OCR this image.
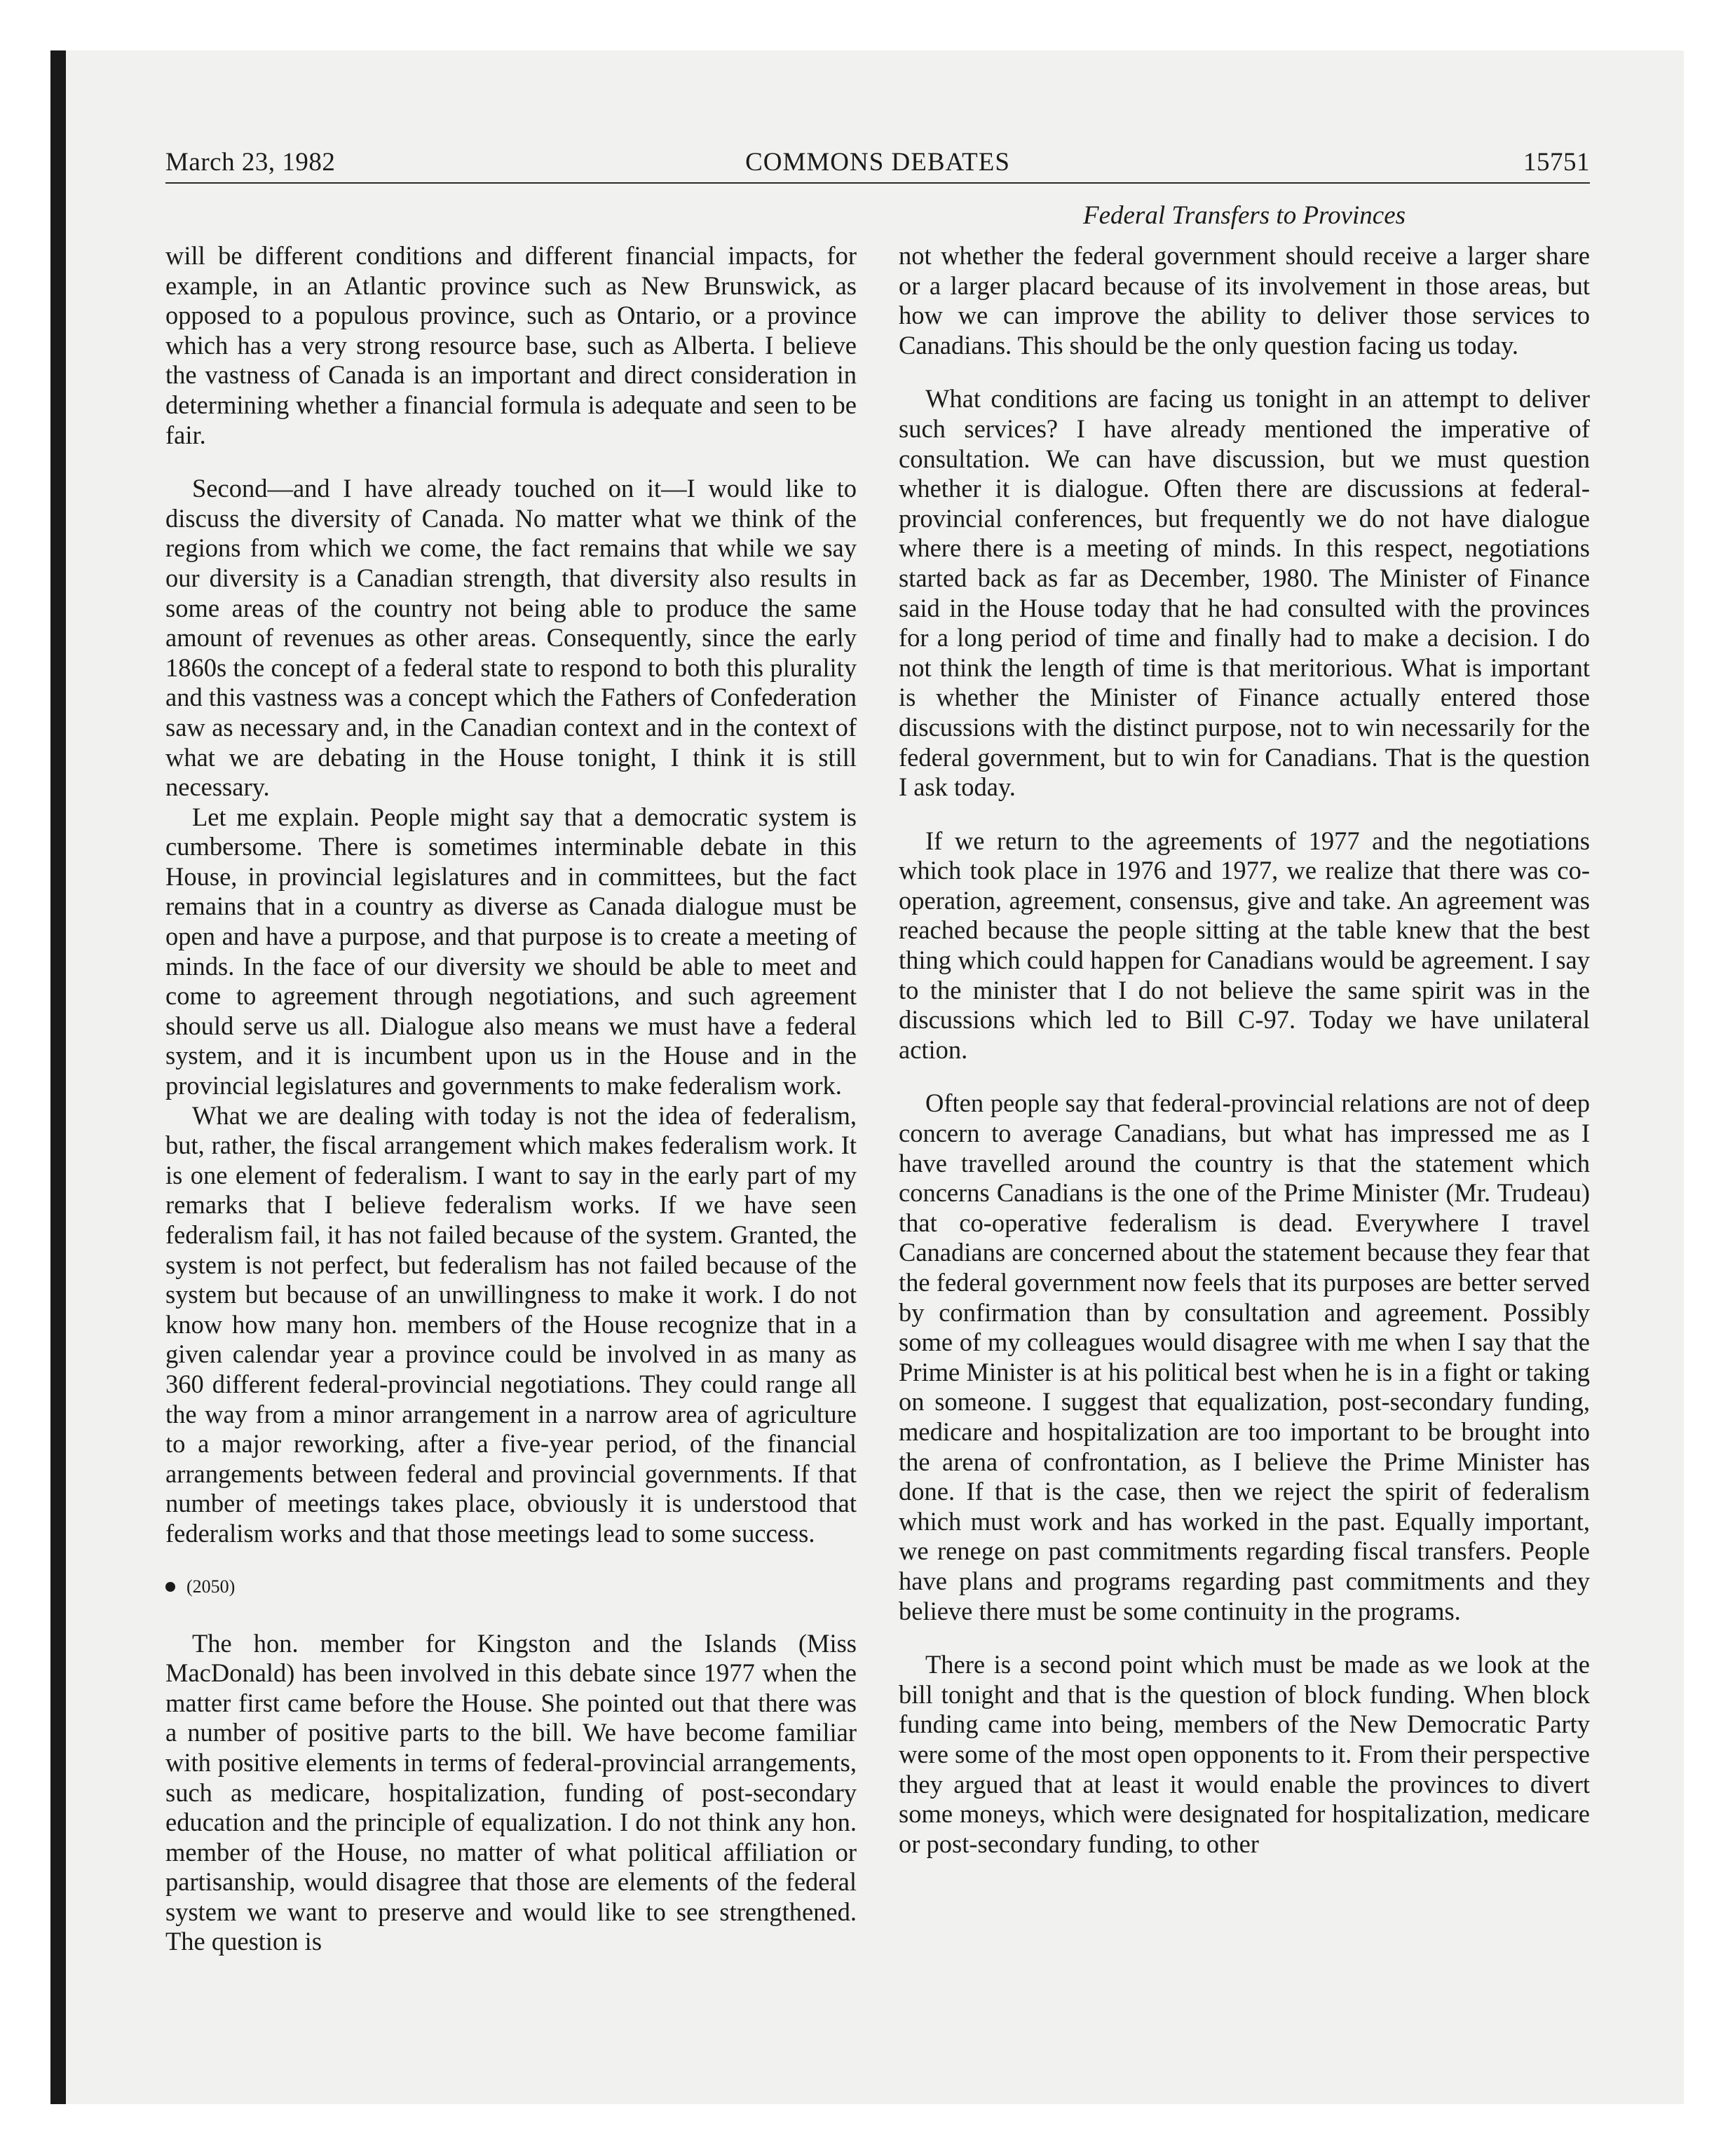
March 23, 1982	COMMONS DEBATES	15751
Federal Transfers to Provinces

will be different conditions and different financial impacts, for example, in an Atlantic province such as New Brunswick, as opposed to a populous province, such as Ontario, or a province which has a very strong resource base, such as Alberta. I believe the vastness of Canada is an important and direct consideration in determining whether a financial formula is adequate and seen to be fair.

Second—and I have already touched on it—I would like to discuss the diversity of Canada. No matter what we think of the regions from which we come, the fact remains that while we say our diversity is a Canadian strength, that diversity also results in some areas of the country not being able to produce the same amount of revenues as other areas. Consequently, since the early 1860s the concept of a federal state to respond to both this plurality and this vastness was a concept which the Fathers of Confederation saw as necessary and, in the Canadian context and in the context of what we are debating in the House tonight, I think it is still necessary.

Let me explain. People might say that a democratic system is cumbersome. There is sometimes interminable debate in this House, in provincial legislatures and in committees, but the fact remains that in a country as diverse as Canada dialogue must be open and have a purpose, and that purpose is to create a meeting of minds. In the face of our diversity we should be able to meet and come to agreement through negotiations, and such agreement should serve us all. Dialogue also means we must have a federal system, and it is incumbent upon us in the House and in the provincial legislatures and governments to make federalism work.

What we are dealing with today is not the idea of federalism, but, rather, the fiscal arrangement which makes federalism work. It is one element of federalism. I want to say in the early part of my remarks that I believe federalism works. If we have seen federalism fail, it has not failed because of the system. Granted, the system is not perfect, but federalism has not failed because of the system but because of an unwillingness to make it work. I do not know how many hon. members of the House recognize that in a given calendar year a province could be involved in as many as 360 different federal-provincial negotiations. They could range all the way from a minor arrangement in a narrow area of agriculture to a major reworking, after a five-year period, of the financial arrangements between federal and provincial governments. If that number of meetings takes place, obviously it is understood that federalism works and that those meetings lead to some success.

(2050)

The hon. member for Kingston and the Islands (Miss MacDonald) has been involved in this debate since 1977 when the matter first came before the House. She pointed out that there was a number of positive parts to the bill. We have become familiar with positive elements in terms of federal-provincial arrangements, such as medicare, hospitalization, funding of post-secondary education and the principle of equalization. I do not think any hon. member of the House, no matter of what political affiliation or partisanship, would disagree that those are elements of the federal system we want to preserve and would like to see strengthened. The question is

not whether the federal government should receive a larger share or a larger placard because of its involvement in those areas, but how we can improve the ability to deliver those services to Canadians. This should be the only question facing us today.

What conditions are facing us tonight in an attempt to deliver such services? I have already mentioned the imperative of consultation. We can have discussion, but we must question whether it is dialogue. Often there are discussions at federal-provincial conferences, but frequently we do not have dialogue where there is a meeting of minds. In this respect, negotiations started back as far as December, 1980. The Minister of Finance said in the House today that he had consulted with the provinces for a long period of time and finally had to make a decision. I do not think the length of time is that meritorious. What is important is whether the Minister of Finance actually entered those discussions with the distinct purpose, not to win necessarily for the federal government, but to win for Canadians. That is the question I ask today.

If we return to the agreements of 1977 and the negotiations which took place in 1976 and 1977, we realize that there was co-operation, agreement, consensus, give and take. An agreement was reached because the people sitting at the table knew that the best thing which could happen for Canadians would be agreement. I say to the minister that I do not believe the same spirit was in the discussions which led to Bill C-97. Today we have unilateral action.

Often people say that federal-provincial relations are not of deep concern to average Canadians, but what has impressed me as I have travelled around the country is that the statement which concerns Canadians is the one of the Prime Minister (Mr. Trudeau) that co-operative federalism is dead. Everywhere I travel Canadians are concerned about the statement because they fear that the federal government now feels that its purposes are better served by confirmation than by consultation and agreement. Possibly some of my colleagues would disagree with me when I say that the Prime Minister is at his political best when he is in a fight or taking on someone. I suggest that equalization, post-secondary funding, medicare and hospitalization are too important to be brought into the arena of confrontation, as I believe the Prime Minister has done. If that is the case, then we reject the spirit of federalism which must work and has worked in the past. Equally important, we renege on past commitments regarding fiscal transfers. People have plans and programs regarding past commitments and they believe there must be some continuity in the programs.

There is a second point which must be made as we look at the bill tonight and that is the question of block funding. When block funding came into being, members of the New Democratic Party were some of the most open opponents to it. From their perspective they argued that at least it would enable the provinces to divert some moneys, which were designated for hospitalization, medicare or post-secondary funding, to other
